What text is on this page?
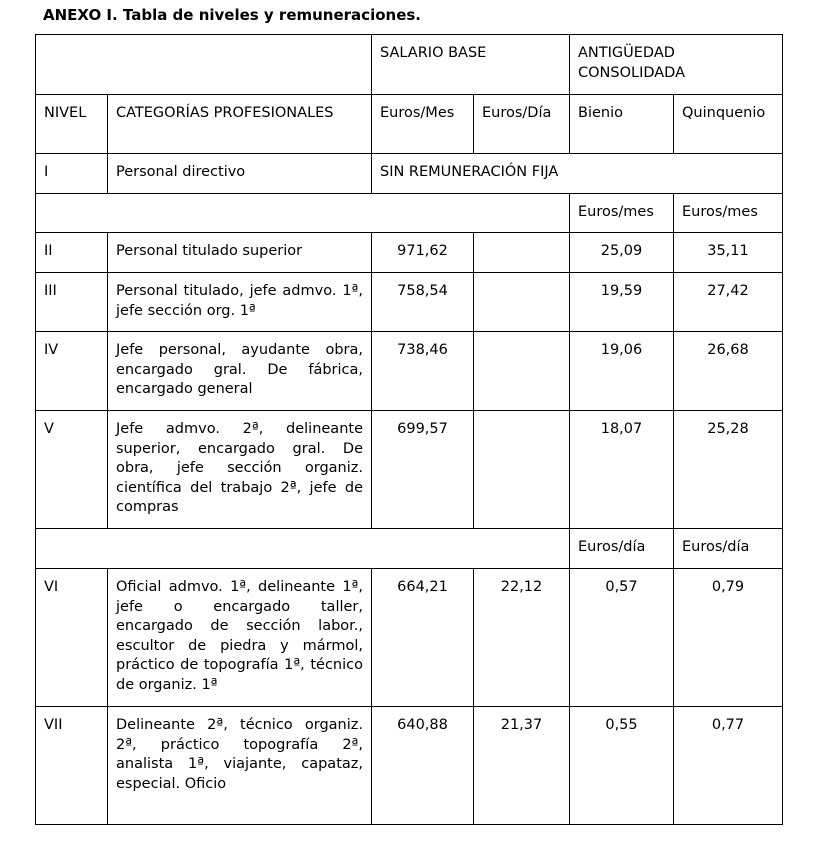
ANEXO I. Tabla de niveles y remuneraciones.
		SALARIO BASE		ANTIGÜEDAD CONSOLIDADA	
NIVEL	CATEGORÍAS PROFESIONALES	Euros/Mes	Euros/Día	Bienio	Quinquenio
I	Personal directivo	SIN REMUNERACIÓN FIJA			
				Euros/mes	Euros/mes
II	Personal titulado superior	971,62		25,09	35,11
III	Personal titulado, jefe admvo. 1ª, jefe sección org. 1ª	758,54		19,59	27,42
IV	Jefe personal, ayudante obra, encargado gral. De fábrica, encargado general	738,46		19,06	26,68
V	Jefe admvo. 2ª, delineante superior, encargado gral. De obra, jefe sección organiz. científica del trabajo 2ª, jefe de compras	699,57		18,07	25,28
				Euros/día	Euros/día
VI	Oficial admvo. 1ª, delineante 1ª, jefe o encargado taller, encargado de sección labor., escultor de piedra y mármol, práctico de topografía 1ª, técnico de organiz. 1ª	664,21	22,12	0,57	0,79
VII	Delineante 2ª, técnico organiz. 2ª, práctico topografía 2ª, analista 1ª, viajante, capataz, especial. Oficio	640,88	21,37	0,55	0,77
